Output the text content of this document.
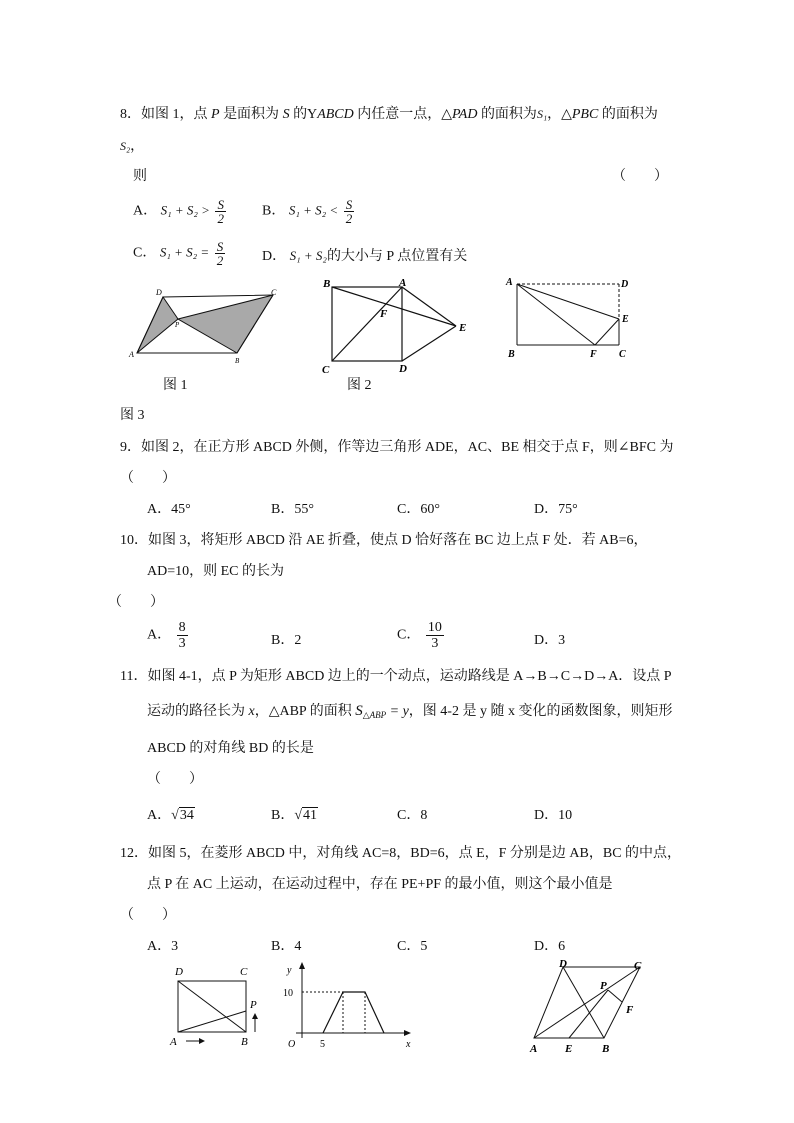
8．如图 1，点 P 是面积为 S 的YABCD 内任意一点，△PAD 的面积为S₁，△PBC 的面积为
S₂，
则	（　　）
A． $S_1 + S_2 > \frac{S}{2}$	B． $S_1 + S_2 < \frac{S}{2}$
C． $S_1 + S_2 = \frac{S}{2}$	D． S₁ + S₂的大小与 P 点位置有关
D	C
P
A
B
图 1
B	A
F
E
C	D
图 2
A	D
E
B	F C
图 3
9．如图 2，在正方形 ABCD 外侧，作等边三角形 ADE，AC、BE 相交于点 F，则∠BFC 为
（　　）
A．45°	B．55°	C．60°	D．75°
10．如图 3，将矩形 ABCD 沿 AE 折叠，使点 D 恰好落在 BC 边上点 F 处．若 AB=6，
AD=10，则 EC 的长为
（　　）
A． $\frac{8}{3}$	B．2	C． $\frac{10}{3}$	D．3
11．如图 4-1，点 P 为矩形 ABCD 边上的一个动点，运动路线是 A→B→C→D→A．设点 P
运动的路径长为 x，△ABP 的面积 $S_{\triangle ABP} = y$，图 4-2 是 y 随 x 变化的函数图象，则矩形
ABCD 的对角线 BD 的长是
（　　）
A．√34	B．√41	C．8	D．10
12．如图 5，在菱形 ABCD 中，对角线 AC=8，BD=6，点 E，F 分别是边 AB，BC 的中点，
点 P 在 AC 上运动，在运动过程中，存在 PE+PF 的最小值，则这个最小值是
（　　）
A．3	B．4	C．5	D．6
D	C
P
A	B
y
10
O 5	x
D	C
P
F
A	E	B
